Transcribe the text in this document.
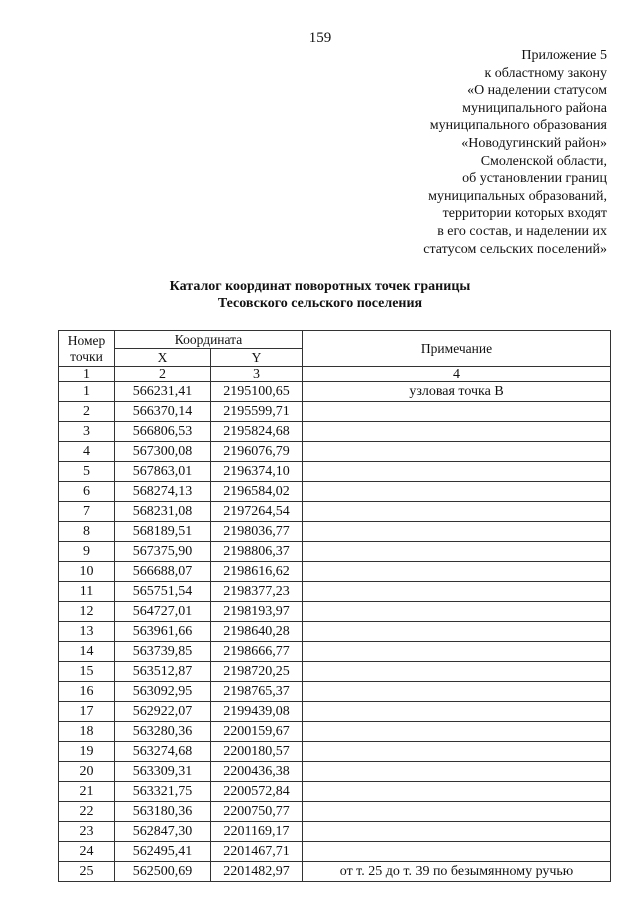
159
Приложение 5
к областному закону
«О наделении статусом
муниципального района
муниципального образования
«Новодугинский район»
Смоленской области,
об установлении границ
муниципальных образований,
территории которых входят
в его состав, и наделении их
статусом сельских поселений»
Каталог координат поворотных точек границы
Тесовского сельского поселения
Номер точки	Координата		Примечание
	X	Y	
1	2	3	4
1	566231,41	2195100,65	узловая точка В
2	566370,14	2195599,71	
3	566806,53	2195824,68	
4	567300,08	2196076,79	
5	567863,01	2196374,10	
6	568274,13	2196584,02	
7	568231,08	2197264,54	
8	568189,51	2198036,77	
9	567375,90	2198806,37	
10	566688,07	2198616,62	
11	565751,54	2198377,23	
12	564727,01	2198193,97	
13	563961,66	2198640,28	
14	563739,85	2198666,77	
15	563512,87	2198720,25	
16	563092,95	2198765,37	
17	562922,07	2199439,08	
18	563280,36	2200159,67	
19	563274,68	2200180,57	
20	563309,31	2200436,38	
21	563321,75	2200572,84	
22	563180,36	2200750,77	
23	562847,30	2201169,17	
24	562495,41	2201467,71	
25	562500,69	2201482,97	от т. 25 до т. 39 по безымянному ручью
